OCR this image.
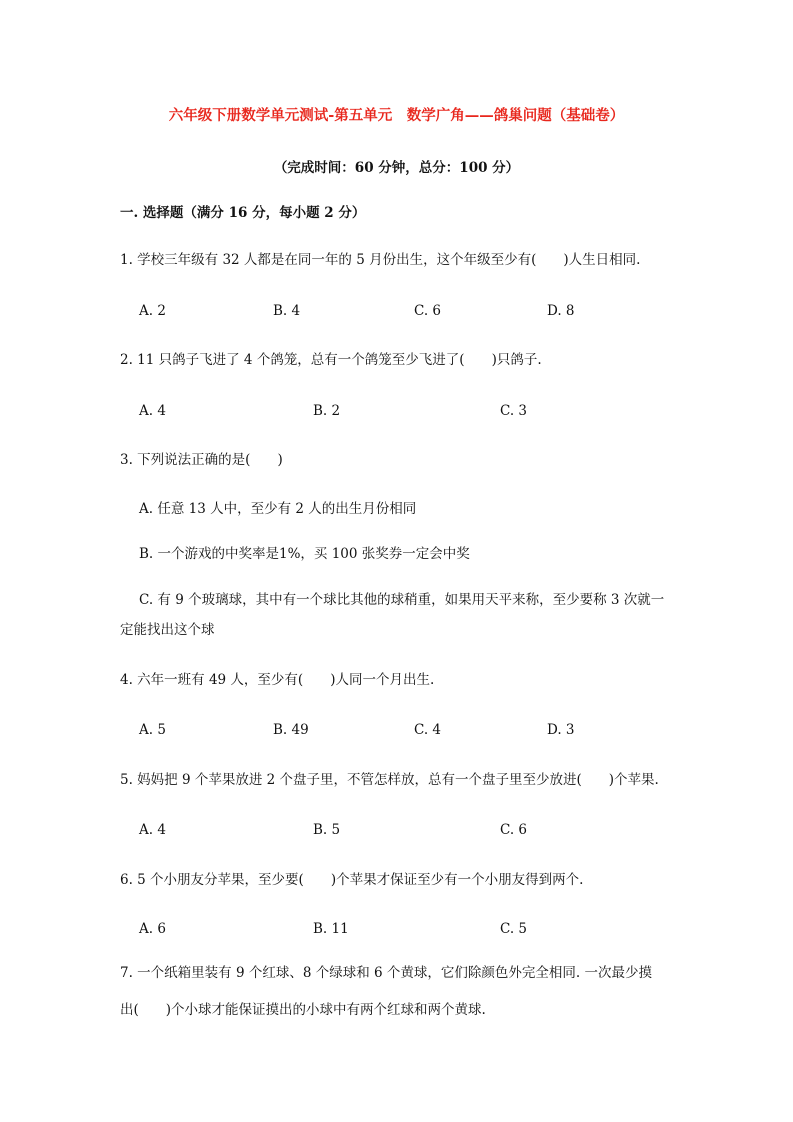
六年级下册数学单元测试-第五单元　数学广角——鸽巢问题（基础卷）
（完成时间：60 分钟，总分：100 分）
一. 选择题（满分 16 分，每小题 2 分）
1. 学校三年级有 32 人都是在同一年的 5 月份出生，这个年级至少有(　　)人生日相同.
A. 2	B. 4	C. 6	D. 8
2. 11 只鸽子飞进了 4 个鸽笼，总有一个鸽笼至少飞进了(　　)只鸽子.
A. 4	B. 2	C. 3
3. 下列说法正确的是(　　)
A. 任意 13 人中，至少有 2 人的出生月份相同
B. 一个游戏的中奖率是1%，买 100 张奖券一定会中奖
C. 有 9 个玻璃球，其中有一个球比其他的球稍重，如果用天平来称，至少要称 3 次就一
定能找出这个球
4. 六年一班有 49 人，至少有(　　)人同一个月出生.
A. 5	B. 49	C. 4	D. 3
5. 妈妈把 9 个苹果放进 2 个盘子里，不管怎样放，总有一个盘子里至少放进(　　)个苹果.
A. 4	B. 5	C. 6
6. 5 个小朋友分苹果，至少要(　　)个苹果才保证至少有一个小朋友得到两个.
A. 6	B. 11	C. 5
7. 一个纸箱里装有 9 个红球、8 个绿球和 6 个黄球，它们除颜色外完全相同. 一次最少摸
出(　　)个小球才能保证摸出的小球中有两个红球和两个黄球.
